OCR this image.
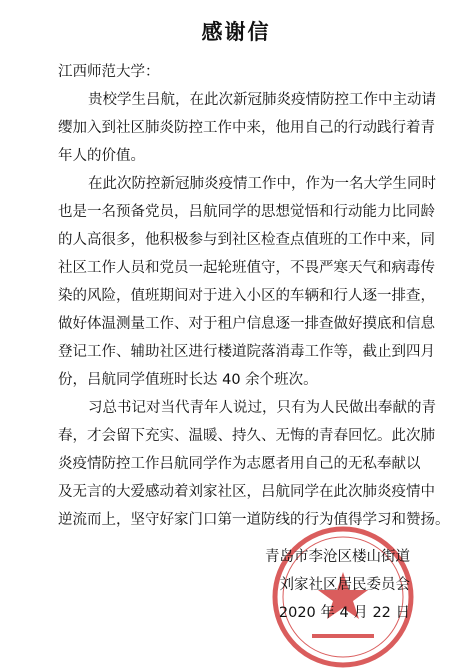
感谢信
江西师范大学：
贵校学生吕航，在此次新冠肺炎疫情防控工作中主动请
缨加入到社区肺炎防控工作中来，他用自己的行动践行着青
年人的价值。
在此次防控新冠肺炎疫情工作中，作为一名大学生同时
也是一名预备党员，吕航同学的思想觉悟和行动能力比同龄
的人高很多，他积极参与到社区检查点值班的工作中来，同
社区工作人员和党员一起轮班值守，不畏严寒天气和病毒传
染的风险，值班期间对于进入小区的车辆和行人逐一排查，
做好体温测量工作、对于租户信息逐一排查做好摸底和信息
登记工作、辅助社区进行楼道院落消毒工作等，截止到四月
份，吕航同学值班时长达 40 余个班次。
习总书记对当代青年人说过，只有为人民做出奉献的青
春，才会留下充实、温暖、持久、无悔的青春回忆。此次肺
炎疫情防控工作吕航同学作为志愿者用自己的无私奉献以
及无言的大爱感动着刘家社区，吕航同学在此次肺炎疫情中
逆流而上，坚守好家门口第一道防线的行为值得学习和赞扬。
青岛市李沧区楼山街道
刘家社区居民委员会
2020 年 4 月 22 日
